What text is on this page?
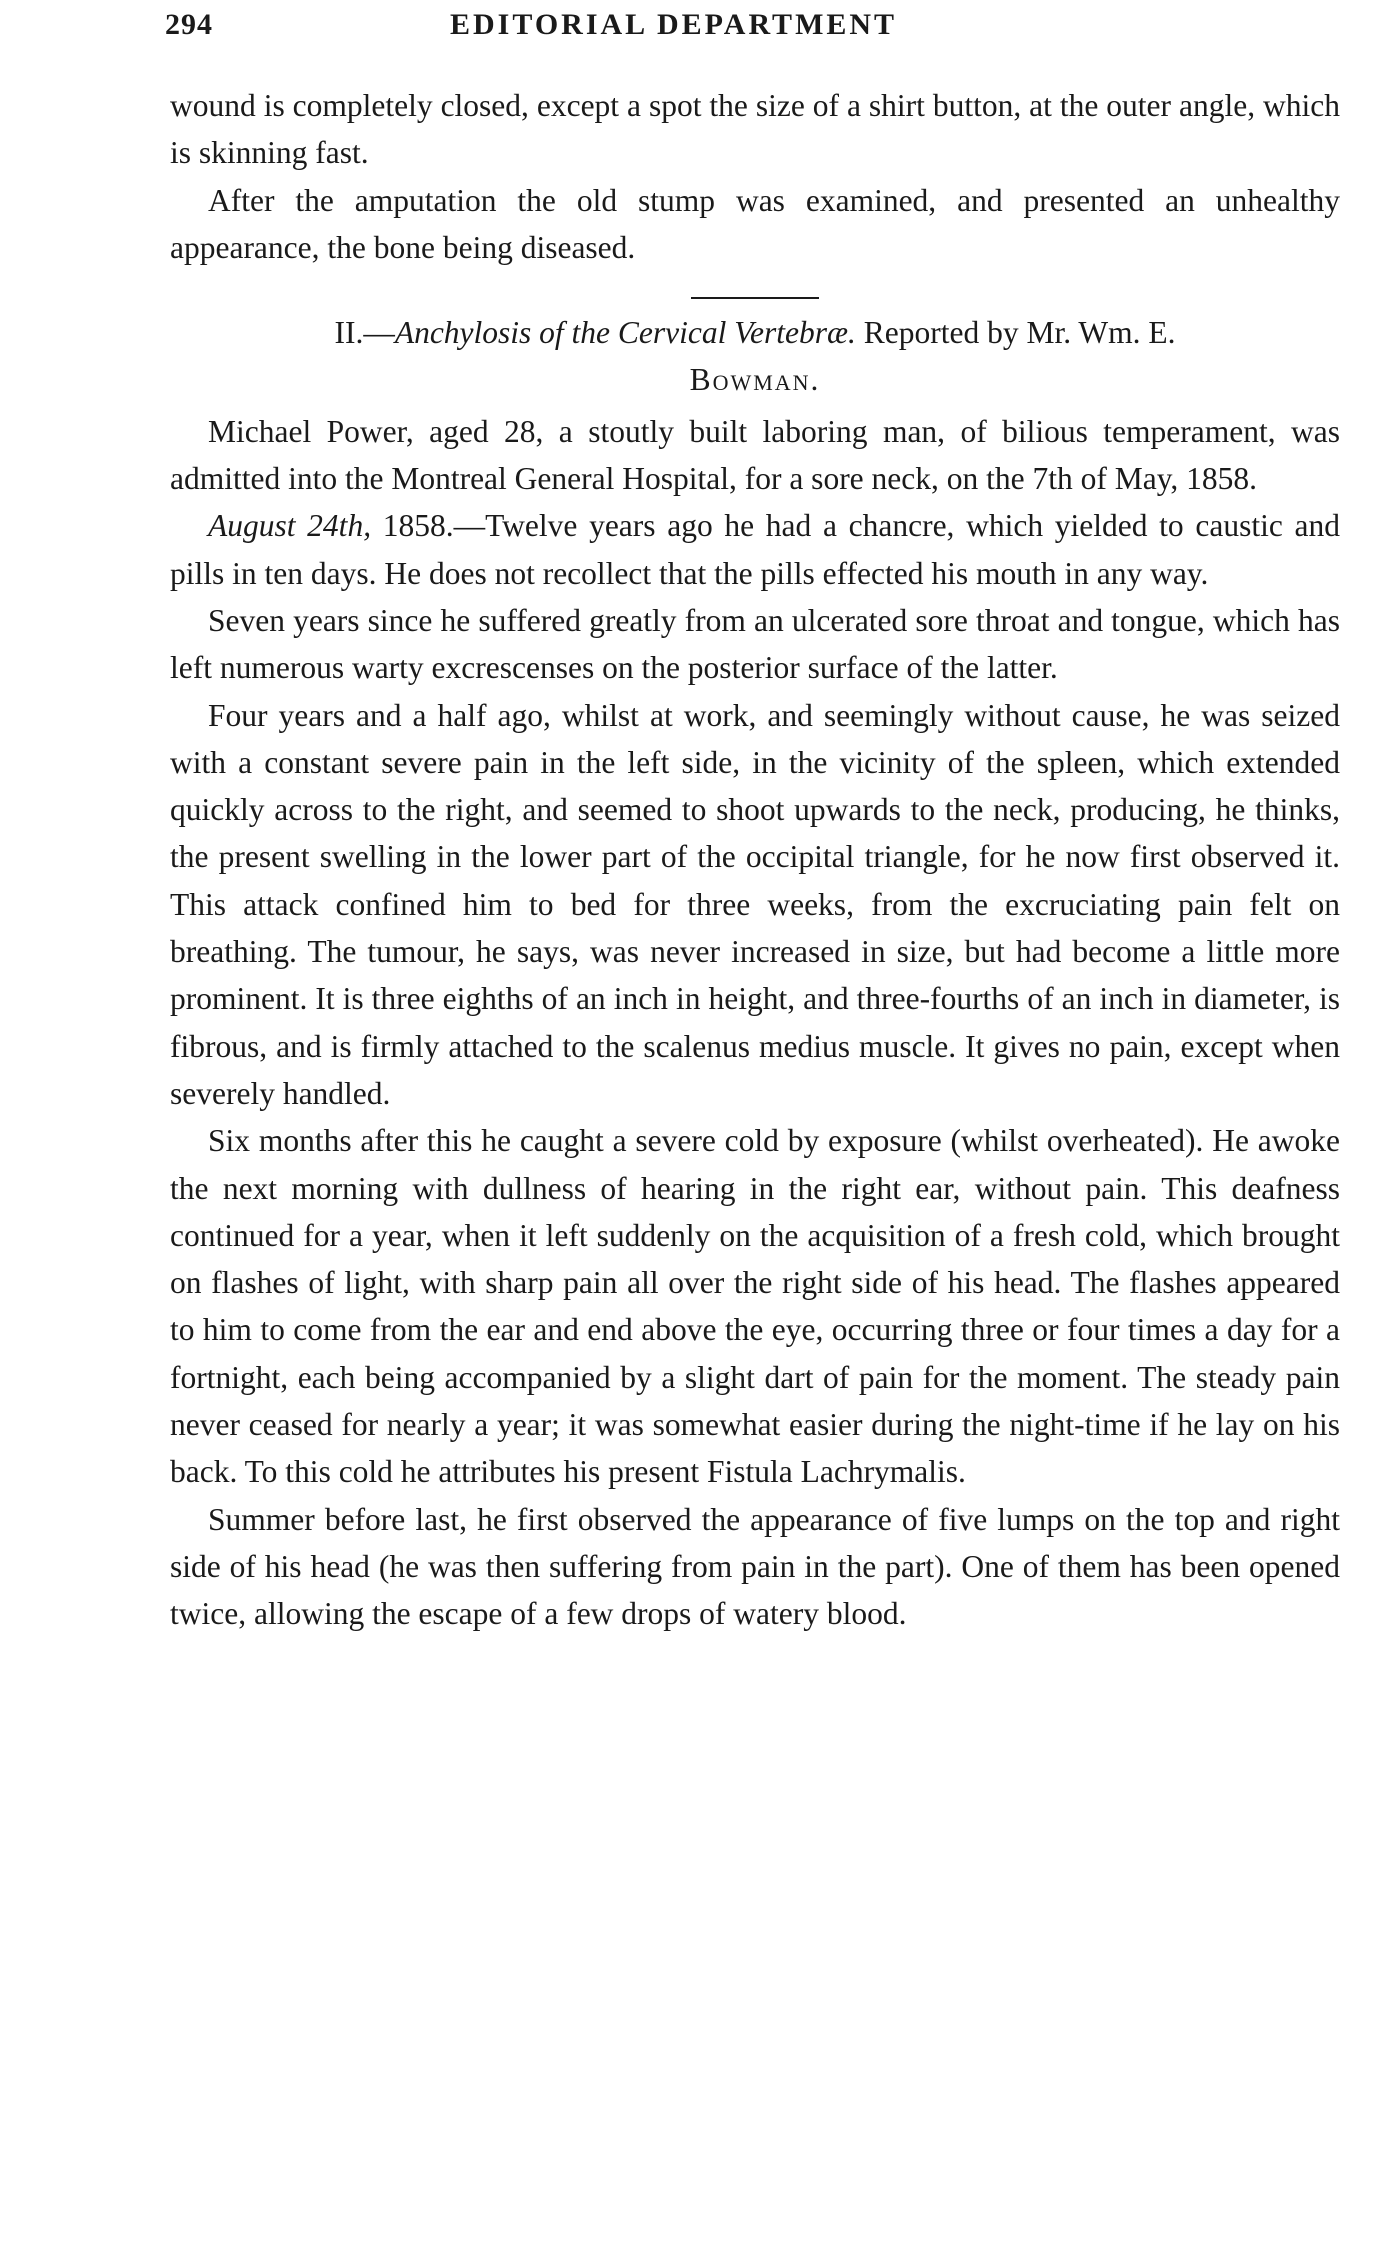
294	EDITORIAL DEPARTMENT

wound is completely closed, except a spot the size of a shirt button, at the outer angle, which is skinning fast.

After the amputation the old stump was examined, and presented an unhealthy appearance, the bone being diseased.

II.—Anchylosis of the Cervical Vertebræ. Reported by Mr. Wm. E.
Bowman.

Michael Power, aged 28, a stoutly built laboring man, of bilious temperament, was admitted into the Montreal General Hospital, for a sore neck, on the 7th of May, 1858.

August 24th, 1858.—Twelve years ago he had a chancre, which yielded to caustic and pills in ten days. He does not recollect that the pills effected his mouth in any way.

Seven years since he suffered greatly from an ulcerated sore throat and tongue, which has left numerous warty excrescenses on the posterior surface of the latter.

Four years and a half ago, whilst at work, and seemingly without cause, he was seized with a constant severe pain in the left side, in the vicinity of the spleen, which extended quickly across to the right, and seemed to shoot upwards to the neck, producing, he thinks, the present swelling in the lower part of the occipital triangle, for he now first observed it. This attack confined him to bed for three weeks, from the excruciating pain felt on breathing. The tumour, he says, was never increased in size, but had become a little more prominent. It is three eighths of an inch in height, and three-fourths of an inch in diameter, is fibrous, and is firmly attached to the scalenus medius muscle. It gives no pain, except when severely handled.

Six months after this he caught a severe cold by exposure (whilst overheated). He awoke the next morning with dullness of hearing in the right ear, without pain. This deafness continued for a year, when it left suddenly on the acquisition of a fresh cold, which brought on flashes of light, with sharp pain all over the right side of his head. The flashes appeared to him to come from the ear and end above the eye, occurring three or four times a day for a fortnight, each being accompanied by a slight dart of pain for the moment. The steady pain never ceased for nearly a year; it was somewhat easier during the night-time if he lay on his back. To this cold he attributes his present Fistula Lachrymalis.

Summer before last, he first observed the appearance of five lumps on the top and right side of his head (he was then suffering from pain in the part). One of them has been opened twice, allowing the escape of a few drops of watery blood.
